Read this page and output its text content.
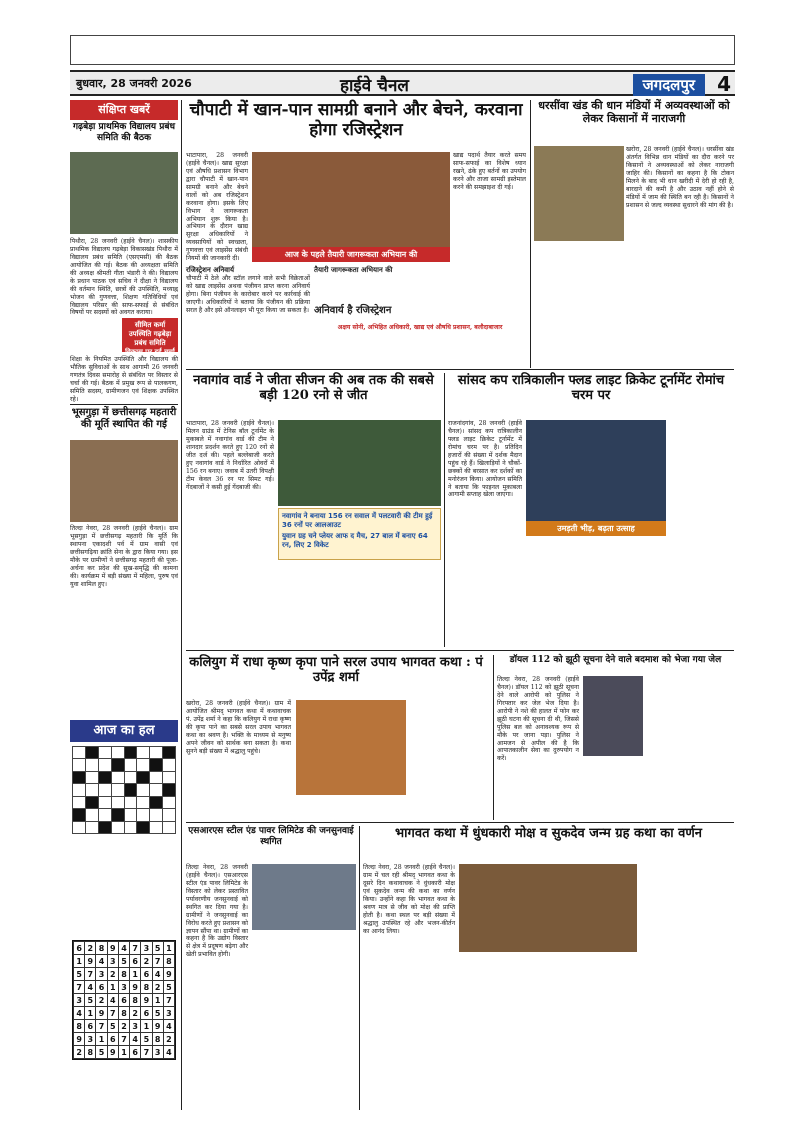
बुधवार, 28 जनवरी 2026	हाईवे चैनल	जगदलपुर	4
संक्षिप्त खबरें
गढ़बेड़ा प्राथमिक विद्यालय प्रबंध समिति की बैठक
पिथौरा, 28 जनवरी (हाईवे चैनल)। शासकीय प्राथमिक विद्यालय गढ़बेड़ा विकासखंड पिथौरा में विद्यालय प्रबंध समिति (एसएमसी) की बैठक आयोजित की गई। बैठक की अध्यक्षता समिति की अध्यक्ष श्रीमती गीता भंडारी ने की। विद्यालय के प्रधान पाठक एवं सचिव ने दीक्षा ने विद्यालय की वर्तमान स्थिति, छात्रों की उपस्थिति, मध्याह्न भोजन की गुणवत्ता, शिक्षण गतिविधियों एवं विद्यालय परिसर की साफ-सफाई से संबंधित विषयों पर सदस्यों को अवगत कराया।
सीमित कर्मा उपस्थिति गढ़बेड़ा प्रबंध समिति विकास पर हुई चर्चा
शिक्षा के नियमित उपस्थिति और विद्यालय की भौतिक सुविधाओं के साथ आगामी 26 जनवरी गणतंत्र दिवस समारोह से संबंधित पर विस्तार से चर्चा की गई। बैठक में प्रमुख रूप से पालकगण, समिति सदस्य, ग्रामीणजन एवं शिक्षक उपस्थित रहे।
भूसगुड़ा में छत्तीसगढ़ महतारी की मूर्ति स्थापित की गई
तिल्दा नेवरा, 28 जनवरी (हाईवे चैनल)। ग्राम भूसगुड़ा में छत्तीसगढ़ महतारी कि मूर्ति कि स्थापना एकादशी पर्व में ग्राम वासी एवं छत्तीसगढ़िया क्रांति सेना के द्वारा किया गया। इस मौके पर ग्रामीणों ने छत्तीसगढ़ महतारी की पूजा-अर्चना कर प्रदेश की सुख-समृद्धि की कामना की। कार्यक्रम में बड़ी संख्या में महिला, पुरुष एवं युवा शामिल हुए।
आज का हल

6	2	8	9	4	7	3	5	1
1	9	4	3	5	6	2	7	8
5	7	3	2	8	1	6	4	9
7	4	6	1	3	9	8	2	5
3	5	2	4	6	8	9	1	7
4	1	9	7	8	2	6	5	3
8	6	7	5	2	3	1	9	4
9	3	1	6	7	4	5	8	2
2	8	5	9	1	6	7	3	4
चौपाटी में खान-पान सामग्री बनाने और बेचने, करवाना होगा रजिस्ट्रेशन
आज के पहले तैयारी जागरूकता अभियान की
भाटापारा, 28 जनवरी (हाईवे चैनल)। खाद्य सुरक्षा एवं औषधि प्रशासन विभाग द्वारा चौपाटी में खान-पान सामग्री बनाने और बेचने वालों को अब रजिस्ट्रेशन करवाना होगा। इसके लिए विभाग ने जागरूकता अभियान शुरू किया है। अभियान के दौरान खाद्य सुरक्षा अधिकारियों ने व्यवसायियों को स्वच्छता, गुणवत्ता एवं लाइसेंस संबंधी नियमों की जानकारी दी।
खाद्य पदार्थ तैयार करते समय साफ-सफाई का विशेष ध्यान रखने, ढंके हुए बर्तनों का उपयोग करने और ताजा सामग्री इस्तेमाल करने की समझाइश दी गई।
रजिस्ट्रेशन अनिवार्य
चौपाटी में ठेले और स्टॉल लगाने वाले सभी विक्रेताओं को खाद्य लाइसेंस अथवा पंजीयन प्राप्त करना अनिवार्य होगा। बिना पंजीयन के कारोबार करने पर कार्रवाई की जाएगी। अधिकारियों ने बताया कि पंजीयन की प्रक्रिया सरल है और इसे ऑनलाइन भी पूरा किया जा सकता है।
तैयारी जागरूकता अभियान की
अनिवार्य है रजिस्ट्रेशन
अक्षय सोनी, अभिहित अधिकारी, खाद्य एवं औषधि प्रशासन, बलौदाबाजार
धरसींवा खंड की धान मंडियों में अव्यवस्थाओं को लेकर किसानों में नाराजगी
खरोरा, 28 जनवरी (हाईवे चैनल)। धरसींवा खंड अंतर्गत विभिन्न धान मंडियों का दौरा करने पर किसानों ने अव्यवस्थाओं को लेकर नाराजगी जाहिर की। किसानों का कहना है कि टोकन मिलने के बाद भी धान खरीदी में देरी हो रही है, बारदाने की कमी है और उठाव नहीं होने से मंडियों में जाम की स्थिति बन रही है। किसानों ने प्रशासन से जल्द व्यवस्था सुधारने की मांग की है।
नवागांव वार्ड ने जीता सीजन की अब तक की सबसे बड़ी 120 रनो से जीत
भाटापारा, 28 जनवरी (हाईवे चैनल)। मिलन ग्राउंड में टेनिस बॉल टूर्नामेंट के मुकाबले में नवागांव वार्ड की टीम ने शानदार प्रदर्शन करते हुए 120 रनों से जीत दर्ज की। पहले बल्लेबाजी करते हुए नवागांव वार्ड ने निर्धारित ओवरों में 156 रन बनाए। जवाब में उतरी विपक्षी टीम केवल 36 रन पर सिमट गई। गेंदबाजों ने कसी हुई गेंदबाजी की।
नवागांव ने बनाया 156 रन सवाल में पलटवारी की टीम हुई 36 रनों पर आलआउट
युवान ग्रह चने प्लेयर आफ द मैच, 27 बाल में बनाए 64 रन, लिए 2 विकेट
सांसद कप रात्रिकालीन फ्लड लाइट क्रिकेट टूर्नामेंट रोमांच चरम पर
राजनांदगांव, 28 जनवरी (हाईवे चैनल)। सांसद कप रात्रिकालीन फ्लड लाइट क्रिकेट टूर्नामेंट में रोमांच चरम पर है। प्रतिदिन हजारों की संख्या में दर्शक मैदान पहुंच रहे हैं। खिलाड़ियों ने चौकों-छक्कों की बरसात कर दर्शकों का मनोरंजन किया। आयोजन समिति ने बताया कि फाइनल मुकाबला आगामी सप्ताह खेला जाएगा।
उमड़ती भीड़, बढ़ता उत्साह
कलियुग में राधा कृष्ण कृपा पाने सरल उपाय भागवत कथा : पं उपेंद्र शर्मा
खरोरा, 28 जनवरी (हाईवे चैनल)। ग्राम में आयोजित श्रीमद् भागवत कथा में कथावाचक पं. उपेंद्र शर्मा ने कहा कि कलियुग में राधा कृष्ण की कृपा पाने का सबसे सरल उपाय भागवत कथा का श्रवण है। भक्ति के माध्यम से मनुष्य अपने जीवन को सार्थक बना सकता है। कथा सुनने बड़ी संख्या में श्रद्धालु पहुंचे।
डॉयल 112 को झूठी सूचना देने वाले बदमाश को भेजा गया जेल
तिल्दा नेवरा, 28 जनवरी (हाईवे चैनल)। डॉयल 112 को झूठी सूचना देने वाले आरोपी को पुलिस ने गिरफ्तार कर जेल भेज दिया है। आरोपी ने नशे की हालत में फोन कर झूठी घटना की सूचना दी थी, जिससे पुलिस बल को अनावश्यक रूप से मौके पर जाना पड़ा। पुलिस ने आमजन से अपील की है कि आपातकालीन सेवा का दुरुपयोग न करें।
एसआरएस स्टील एंड पावर लिमिटेड की जनसुनवाई स्थगित
तिल्दा नेवरा, 28 जनवरी (हाईवे चैनल)। एसआरएस स्टील एंड पावर लिमिटेड के विस्तार को लेकर प्रस्तावित पर्यावरणीय जनसुनवाई को स्थगित कर दिया गया है। ग्रामीणों ने जनसुनवाई का विरोध करते हुए प्रशासन को ज्ञापन सौंपा था। ग्रामीणों का कहना है कि उद्योग विस्तार से क्षेत्र में प्रदूषण बढ़ेगा और खेती प्रभावित होगी।
भागवत कथा में धुंधकारी मोक्ष व सुकदेव जन्म ग्रह कथा का वर्णन
तिल्दा नेवरा, 28 जनवरी (हाईवे चैनल)। ग्राम में चल रही श्रीमद् भागवत कथा के दूसरे दिन कथावाचक ने धुंधकारी मोक्ष एवं सुकदेव जन्म की कथा का वर्णन किया। उन्होंने कहा कि भागवत कथा के श्रवण मात्र से जीव को मोक्ष की प्राप्ति होती है। कथा स्थल पर बड़ी संख्या में श्रद्धालु उपस्थित रहे और भजन-कीर्तन का आनंद लिया।
